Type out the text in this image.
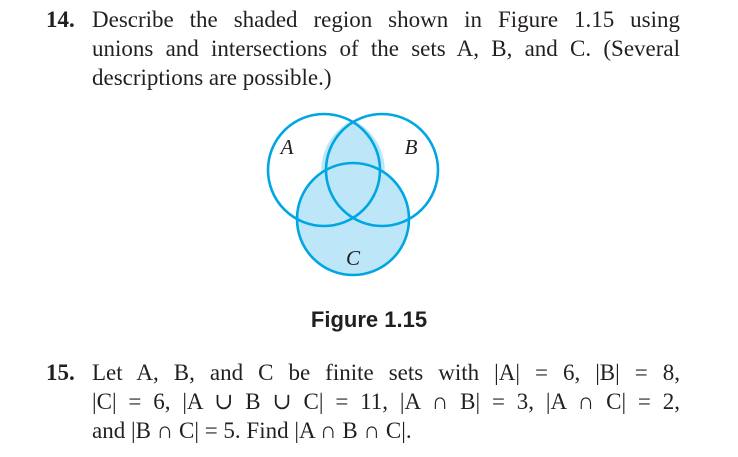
14. Describe the shaded region shown in Figure 1.15 using
unions and intersections of the sets A, B, and C. (Several
descriptions are possible.)
A	B
C
Figure 1.15
15. Let A, B, and C be finite sets with |A| = 6, |B| = 8,
|C| = 6, |A ∪ B ∪ C| = 11, |A ∩ B| = 3, |A ∩ C| = 2,
and |B ∩ C| = 5. Find |A ∩ B ∩ C|.
